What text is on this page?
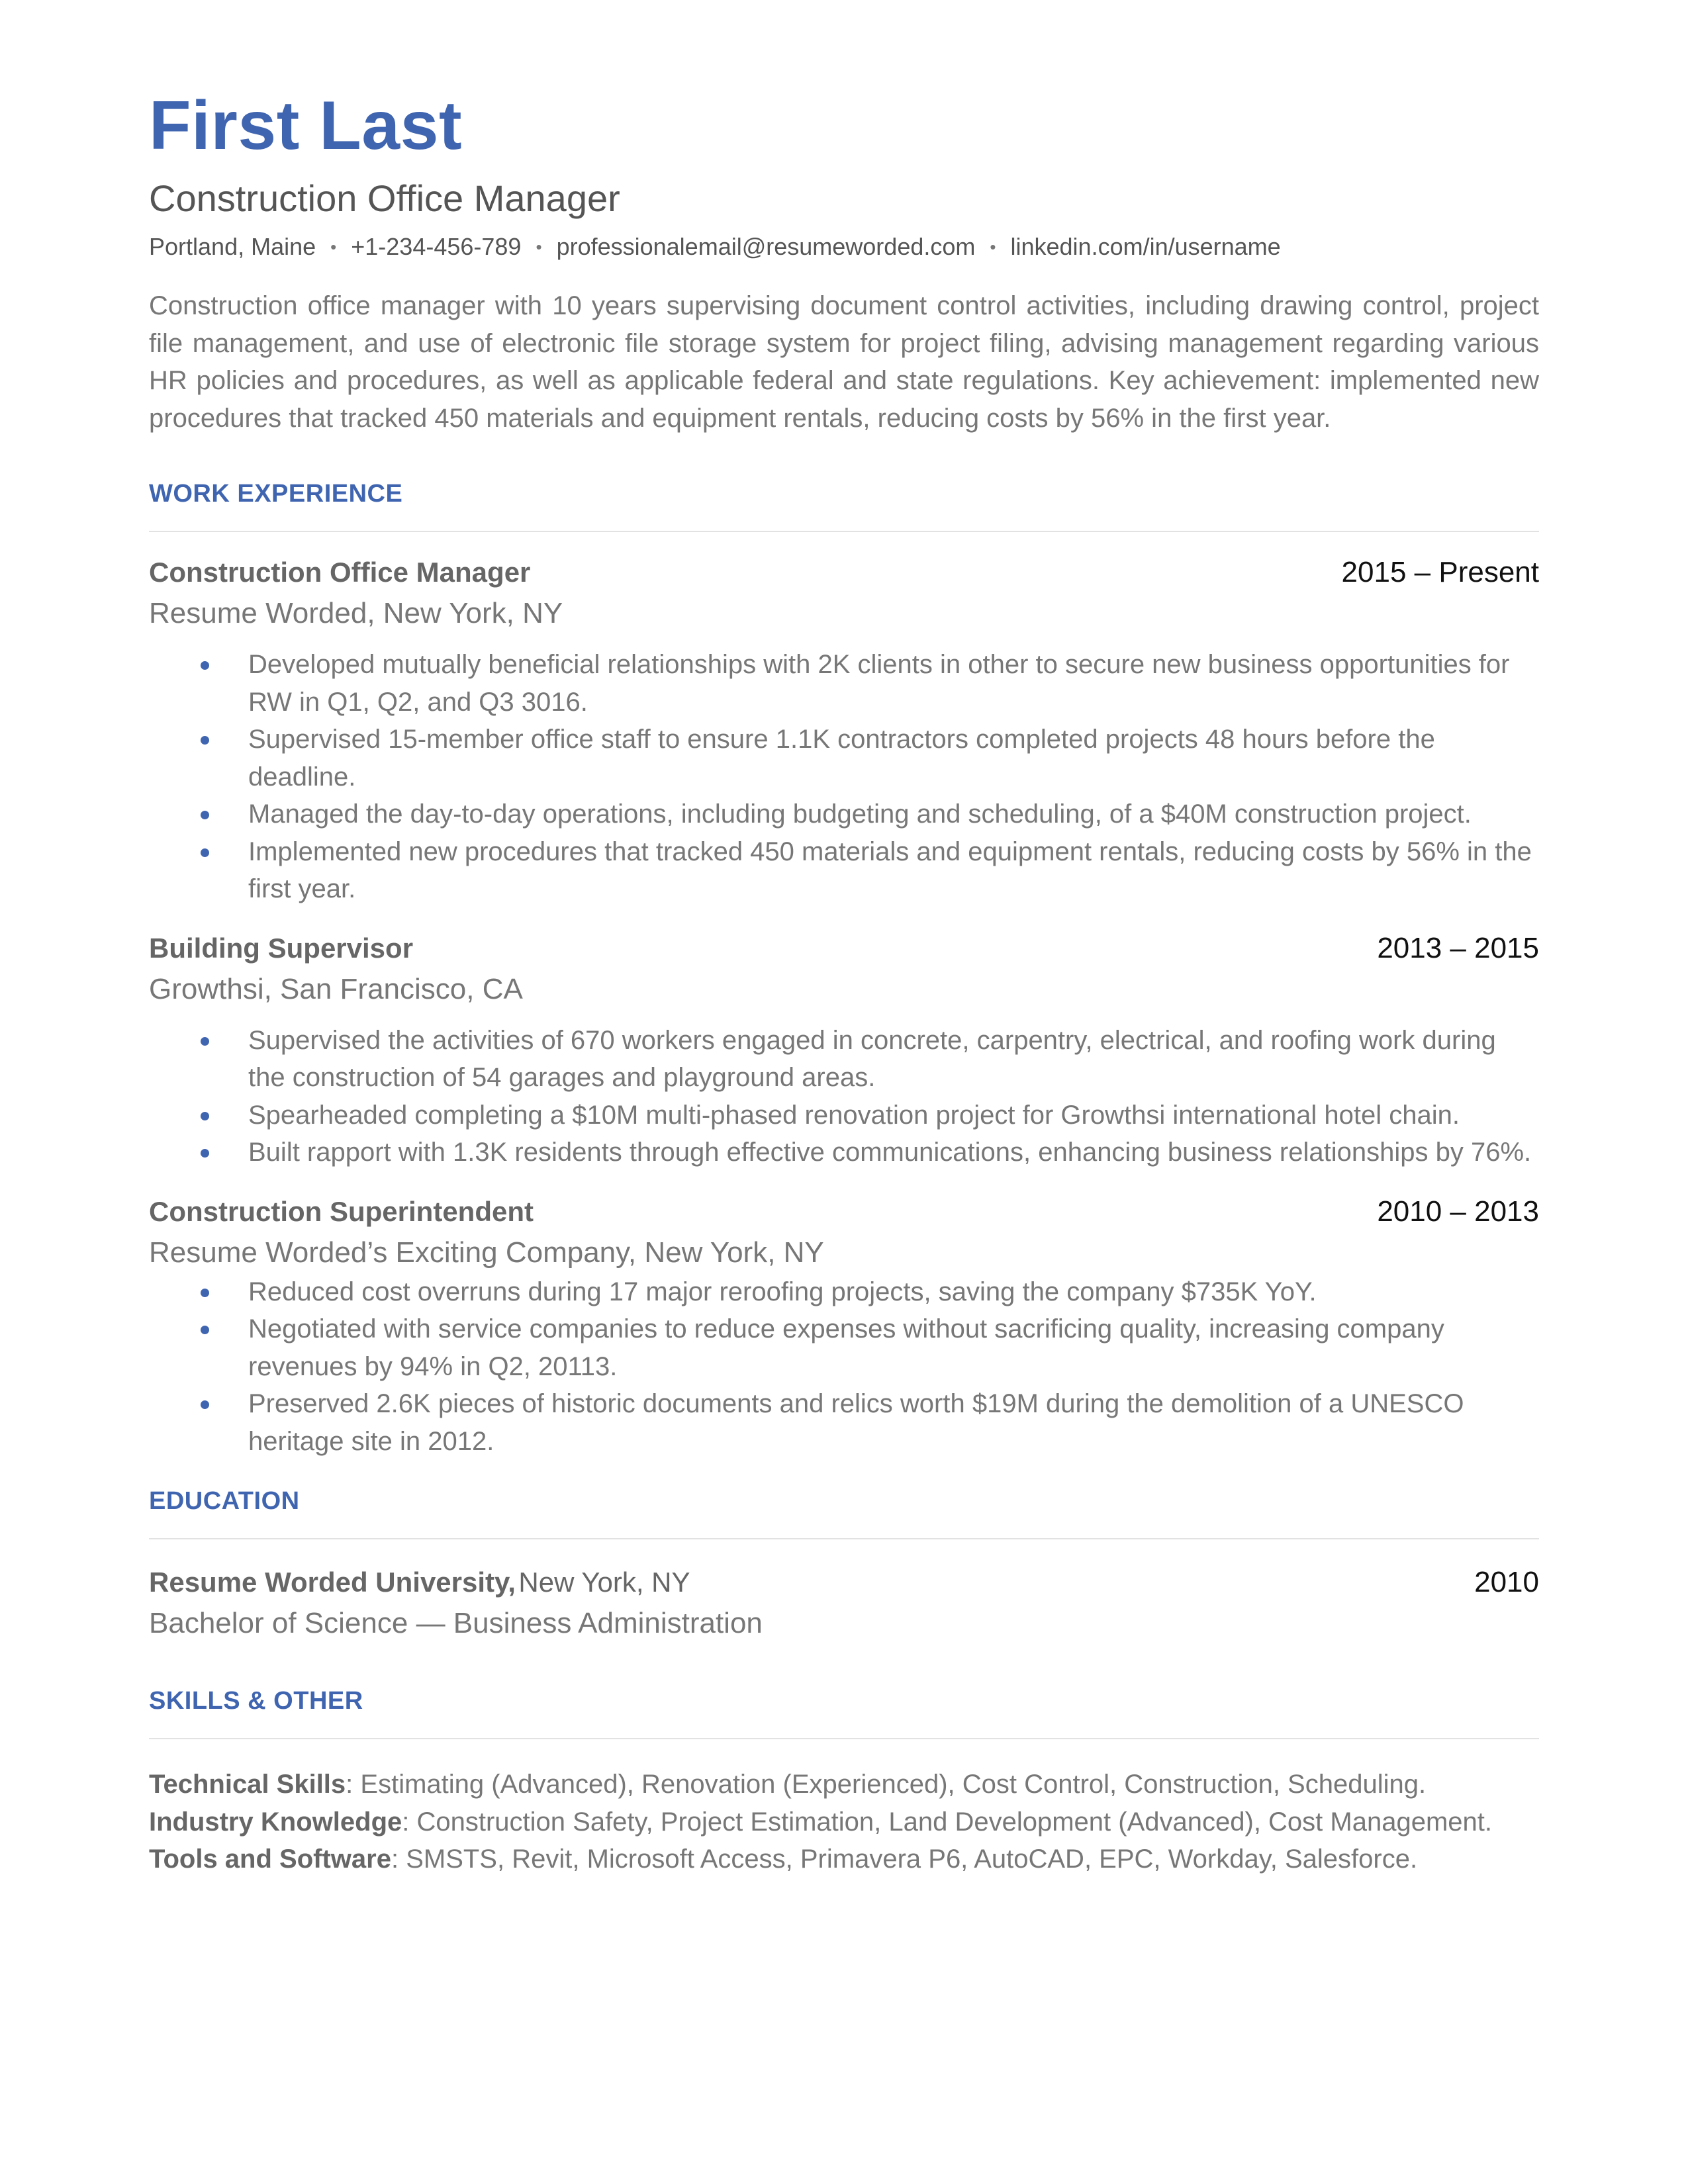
First Last
Construction Office Manager
Portland, Maine • +1-234-456-789 • professionalemail@resumeworded.com • linkedin.com/in/username

Construction office manager with 10 years supervising document control activities, including drawing control, project file management, and use of electronic file storage system for project filing, advising management regarding various HR policies and procedures, as well as applicable federal and state regulations. Key achievement: implemented new procedures that tracked 450 materials and equipment rentals, reducing costs by 56% in the first year.

WORK EXPERIENCE
Construction Office Manager	2015 – Present
Resume Worded, New York, NY
Developed mutually beneficial relationships with 2K clients in other to secure new business opportunities for RW in Q1, Q2, and Q3 3016.
Supervised 15-member office staff to ensure 1.1K contractors completed projects 48 hours before the deadline.
Managed the day-to-day operations, including budgeting and scheduling, of a $40M construction project.
Implemented new procedures that tracked 450 materials and equipment rentals, reducing costs by 56% in the first year.
Building Supervisor	2013 – 2015
Growthsi, San Francisco, CA
Supervised the activities of 670 workers engaged in concrete, carpentry, electrical, and roofing work during the construction of 54 garages and playground areas.
Spearheaded completing a $10M multi-phased renovation project for Growthsi international hotel chain.
Built rapport with 1.3K residents through effective communications, enhancing business relationships by 76%.
Construction Superintendent	2010 – 2013
Resume Worded’s Exciting Company, New York, NY
Reduced cost overruns during 17 major reroofing projects, saving the company $735K YoY.
Negotiated with service companies to reduce expenses without sacrificing quality, increasing company revenues by 94% in Q2, 20113.
Preserved 2.6K pieces of historic documents and relics worth $19M during the demolition of a UNESCO heritage site in 2012.
EDUCATION
Resume Worded University, New York, NY	2010
Bachelor of Science — Business Administration
SKILLS & OTHER
Technical Skills: Estimating (Advanced), Renovation (Experienced), Cost Control, Construction, Scheduling.
Industry Knowledge: Construction Safety, Project Estimation, Land Development (Advanced), Cost Management.
Tools and Software: SMSTS, Revit, Microsoft Access, Primavera P6, AutoCAD, EPC, Workday, Salesforce.
